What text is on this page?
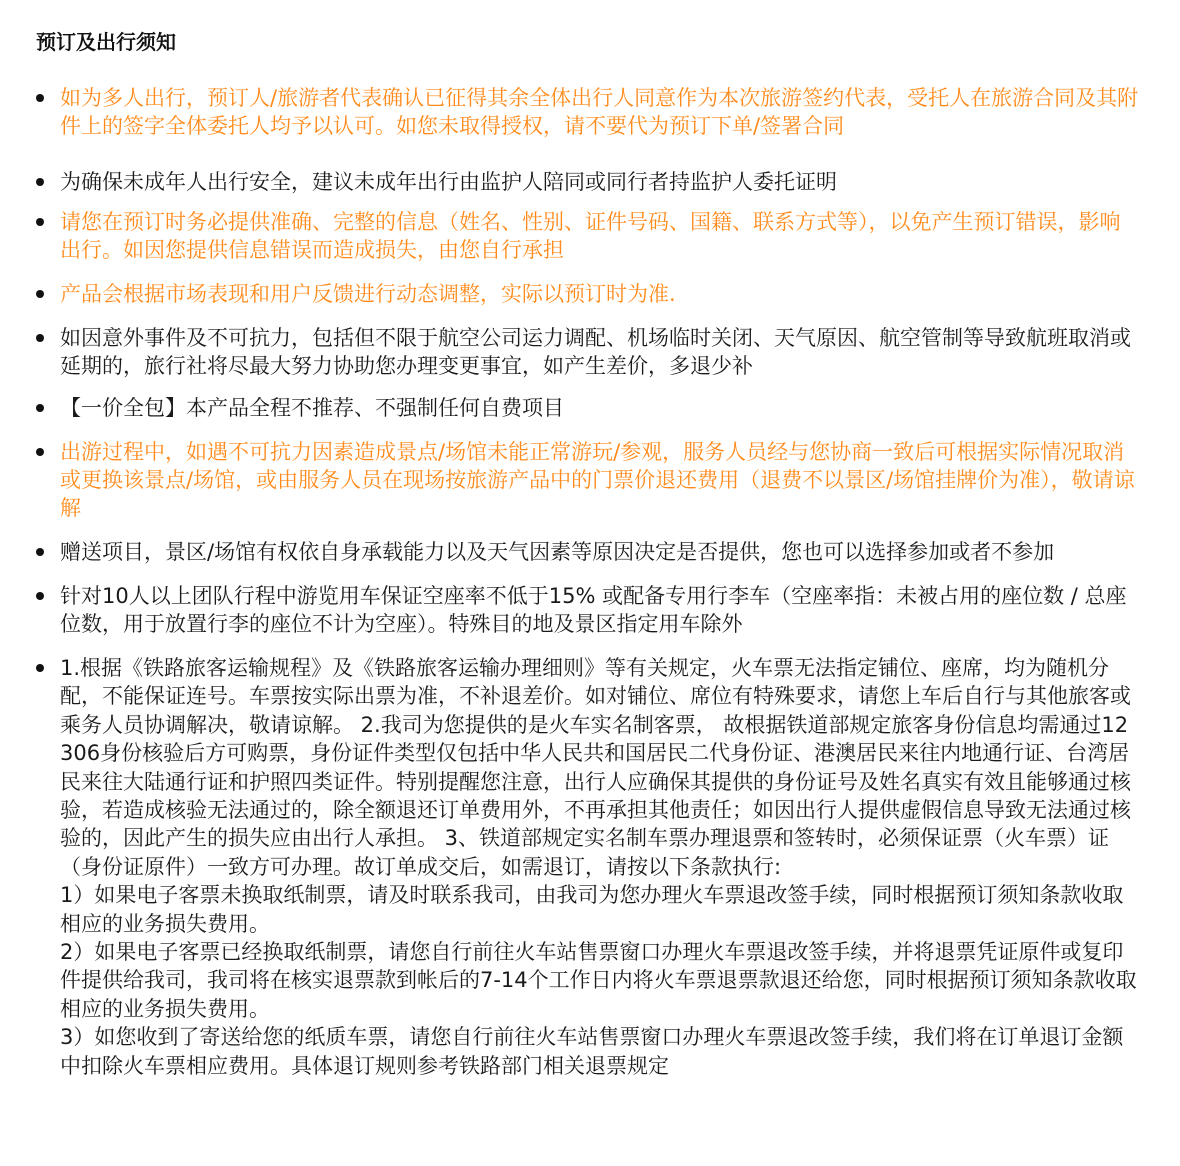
预订及出行须知
如为多人出行，预订人/旅游者代表确认已征得其余全体出行人同意作为本次旅游签约代表，受托人在旅游合同及其附件上的签字全体委托人均予以认可。如您未取得授权，请不要代为预订下单/签署合同
为确保未成年人出行安全，建议未成年出行由监护人陪同或同行者持监护人委托证明
请您在预订时务必提供准确、完整的信息（姓名、性别、证件号码、国籍、联系方式等），以免产生预订错误，影响出行。如因您提供信息错误而造成损失，由您自行承担
产品会根据市场表现和用户反馈进行动态调整，实际以预订时为准.
如因意外事件及不可抗力，包括但不限于航空公司运力调配、机场临时关闭、天气原因、航空管制等导致航班取消或延期的，旅行社将尽最大努力协助您办理变更事宜，如产生差价，多退少补
【一价全包】本产品全程不推荐、不强制任何自费项目
出游过程中，如遇不可抗力因素造成景点/场馆未能正常游玩/参观，服务人员经与您协商一致后可根据实际情况取消或更换该景点/场馆，或由服务人员在现场按旅游产品中的门票价退还费用（退费不以景区/场馆挂牌价为准），敬请谅解
赠送项目，景区/场馆有权依自身承载能力以及天气因素等原因决定是否提供，您也可以选择参加或者不参加
针对10人以上团队行程中游览用车保证空座率不低于15% 或配备专用行李车（空座率指：未被占用的座位数 / 总座位数，用于放置行李的座位不计为空座）。特殊目的地及景区指定用车除外
1.根据《铁路旅客运输规程》及《铁路旅客运输办理细则》等有关规定，火车票无法指定铺位、座席，均为随机分配，不能保证连号。车票按实际出票为准，不补退差价。如对铺位、席位有特殊要求，请您上车后自行与其他旅客或乘务人员协调解决，敬请谅解。 2.我司为您提供的是火车实名制客票， 故根据铁道部规定旅客身份信息均需通过12306身份核验后方可购票，身份证件类型仅包括中华人民共和国居民二代身份证、港澳居民来往内地通行证、台湾居民来往大陆通行证和护照四类证件。特别提醒您注意，出行人应确保其提供的身份证号及姓名真实有效且能够通过核验，若造成核验无法通过的，除全额退还订单费用外，不再承担其他责任；如因出行人提供虚假信息导致无法通过核验的，因此产生的损失应由出行人承担。 3、铁道部规定实名制车票办理退票和签转时，必须保证票（火车票）证（身份证原件）一致方可办理。故订单成交后，如需退订，请按以下条款执行:
1）如果电子客票未换取纸制票，请及时联系我司，由我司为您办理火车票退改签手续，同时根据预订须知条款收取相应的业务损失费用。
2）如果电子客票已经换取纸制票，请您自行前往火车站售票窗口办理火车票退改签手续，并将退票凭证原件或复印件提供给我司，我司将在核实退票款到帐后的7-14个工作日内将火车票退票款退还给您，同时根据预订须知条款收取相应的业务损失费用。
3）如您收到了寄送给您的纸质车票，请您自行前往火车站售票窗口办理火车票退改签手续，我们将在订单退订金额中扣除火车票相应费用。具体退订规则参考铁路部门相关退票规定
